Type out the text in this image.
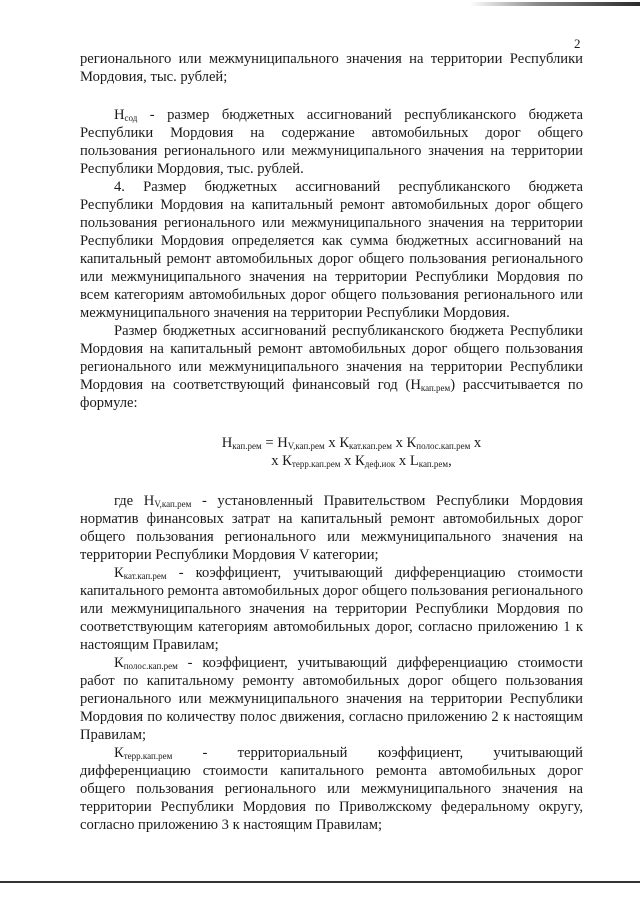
2

регионального или межмуниципального значения на территории Республики Мордовия, тыс. рублей;

$Н_{сод}$ - размер бюджетных ассигнований республиканского бюджета Республики Мордовия на содержание автомобильных дорог общего пользования регионального или межмуниципального значения на территории Республики Мордовия, тыс. рублей.

4. Размер бюджетных ассигнований республиканского бюджета Республики Мордовия на капитальный ремонт автомобильных дорог общего пользования регионального или межмуниципального значения на территории Республики Мордовия определяется как сумма бюджетных ассигнований на капитальный ремонт автомобильных дорог общего пользования регионального или межмуниципального значения на территории Республики Мордовия по всем категориям автомобильных дорог общего пользования регионального или межмуниципального значения на территории Республики Мордовия.

Размер бюджетных ассигнований республиканского бюджета Республики Мордовия на капитальный ремонт автомобильных дорог общего пользования регионального или межмуниципального значения на территории Республики Мордовия на соответствующий финансовый год $(Н_{кап.рем})$ рассчитывается по формуле:

$Н_{кап.рем} = Н_{V,кап.рем}$ x $К_{кат.кап.рем}$ x $К_{полос.кап.рем}$ x
x $К_{терр.кап.рем}$ x $К_{деф.иок}$ x $L_{кап.рем}$,

где $Н_{V,кап.рем}$ - установленный Правительством Республики Мордовия норматив финансовых затрат на капитальный ремонт автомобильных дорог общего пользования регионального или межмуниципального значения на территории Республики Мордовия V категории;

$К_{кат.кап.рем}$ - коэффициент, учитывающий дифференциацию стоимости капитального ремонта автомобильных дорог общего пользования регионального или межмуниципального значения на территории Республики Мордовия по соответствующим категориям автомобильных дорог, согласно приложению 1 к настоящим Правилам;

$К_{полос.кап.рем}$ - коэффициент, учитывающий дифференциацию стоимости работ по капитальному ремонту автомобильных дорог общего пользования регионального или межмуниципального значения на территории Республики Мордовия по количеству полос движения, согласно приложению 2 к настоящим Правилам;

$К_{терр.кап.рем}$ - территориальный коэффициент, учитывающий дифференциацию стоимости капитального ремонта автомобильных дорог общего пользования регионального или межмуниципального значения на территории Республики Мордовия по Приволжскому федеральному округу, согласно приложению 3 к настоящим Правилам;
